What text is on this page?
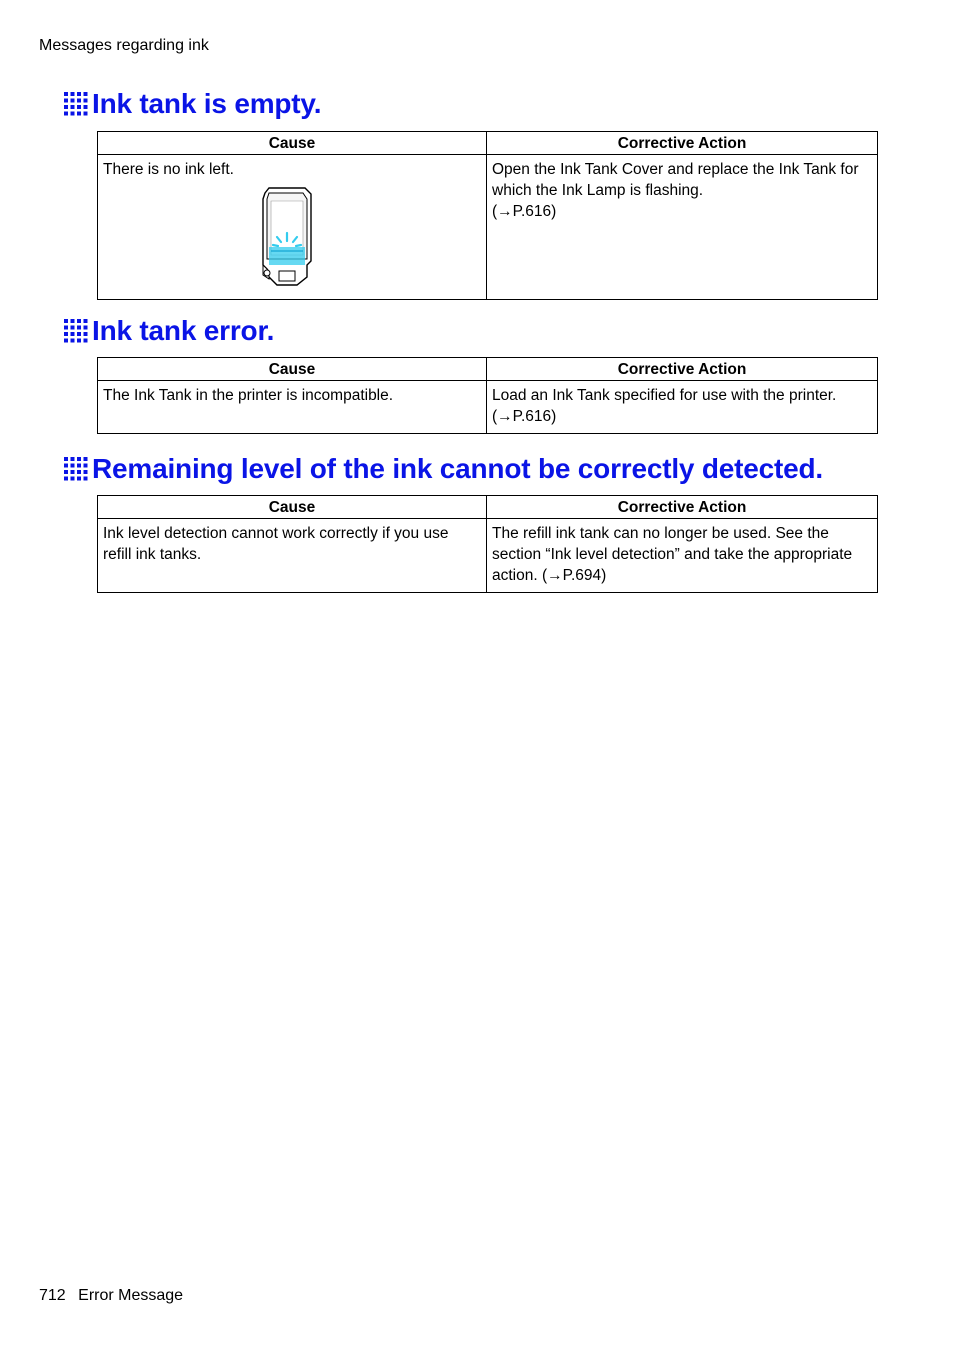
Messages regarding ink
Ink tank is empty.
Cause	Corrective Action

There is no ink left.	Open the Ink Tank Cover and replace the Ink Tank for which the Ink Lamp is flashing.
(→P.616)
Ink tank error.
Cause	Corrective Action

The Ink Tank in the printer is incompatible.	Load an Ink Tank specified for use with the printer.
(→P.616)
Remaining level of the ink cannot be correctly detected.
Cause	Corrective Action

Ink level detection cannot work correctly if you use refill ink tanks.	The refill ink tank can no longer be used. See the section “Ink level detection” and take the appropriate action. (→P.694)
712 Error Message
